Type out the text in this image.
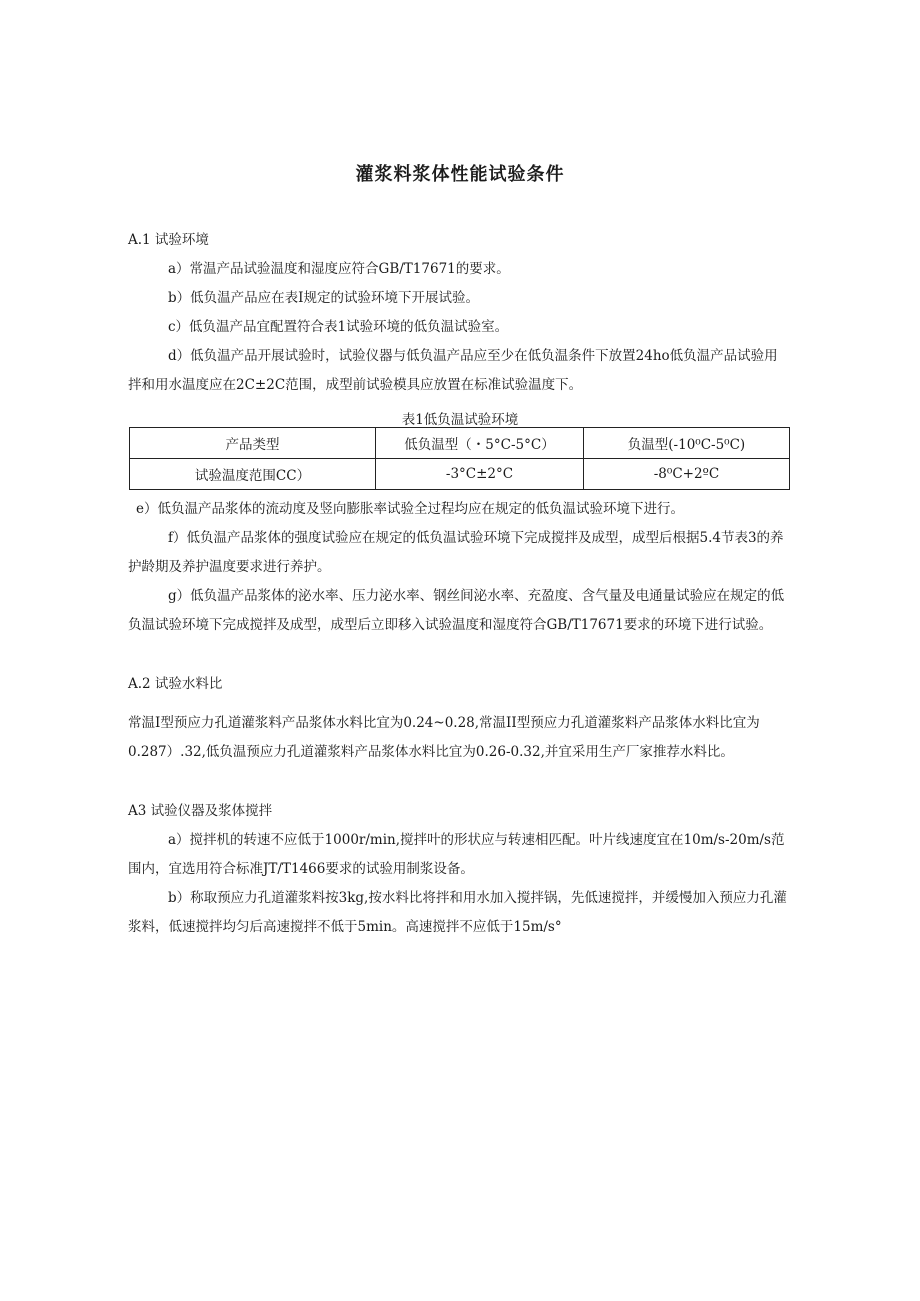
灌浆料浆体性能试验条件

A.1 试验环境

a）常温产品试验温度和湿度应符合GB/T17671的要求。

b）低负温产品应在表I规定的试验环境下开展试验。

c）低负温产品宜配置符合表1试验环境的低负温试验室。

d）低负温产品开展试验时，试验仪器与低负温产品应至少在低负温条件下放置24ho低负温产品试验用拌和用水温度应在2C±2C范围，成型前试验模具应放置在标准试验温度下。

表1低负温试验环境
产品类型	低负温型（・5°C-5°C）	负温型(-10⁰C-5⁰C)
试验温度范围CC）	-3°C±2°C	-8⁰C+2ºC

e）低负温产品浆体的流动度及竖向膨胀率试验全过程均应在规定的低负温试验环境下进行。

f）低负温产品浆体的强度试验应在规定的低负温试验环境下完成搅拌及成型，成型后根据5.4节表3的养护龄期及养护温度要求进行养护。

g）低负温产品浆体的泌水率、压力泌水率、钢丝间泌水率、充盈度、含气量及电通量试验应在规定的低负温试验环境下完成搅拌及成型，成型后立即移入试验温度和湿度符合GB/T17671要求的环境下进行试验。

A.2 试验水料比

常温I型预应力孔道灌浆料产品浆体水料比宜为0.24~0.28,常温II型预应力孔道灌浆料产品浆体水料比宜为0.287）.32,低负温预应力孔道灌浆料产品浆体水料比宜为0.26-0.32,并宜采用生产厂家推荐水料比。

A3 试验仪器及浆体搅拌

a）搅拌机的转速不应低于1000r/min,搅拌叶的形状应与转速相匹配。叶片线速度宜在10m/s-20m/s范围内，宜选用符合标准JT/T1466要求的试验用制浆设备。

b）称取预应力孔道灌浆料按3kg,按水料比将拌和用水加入搅拌锅，先低速搅拌，并缓慢加入预应力孔灌浆料，低速搅拌均匀后高速搅拌不低于5min。高速搅拌不应低于15m/s°
